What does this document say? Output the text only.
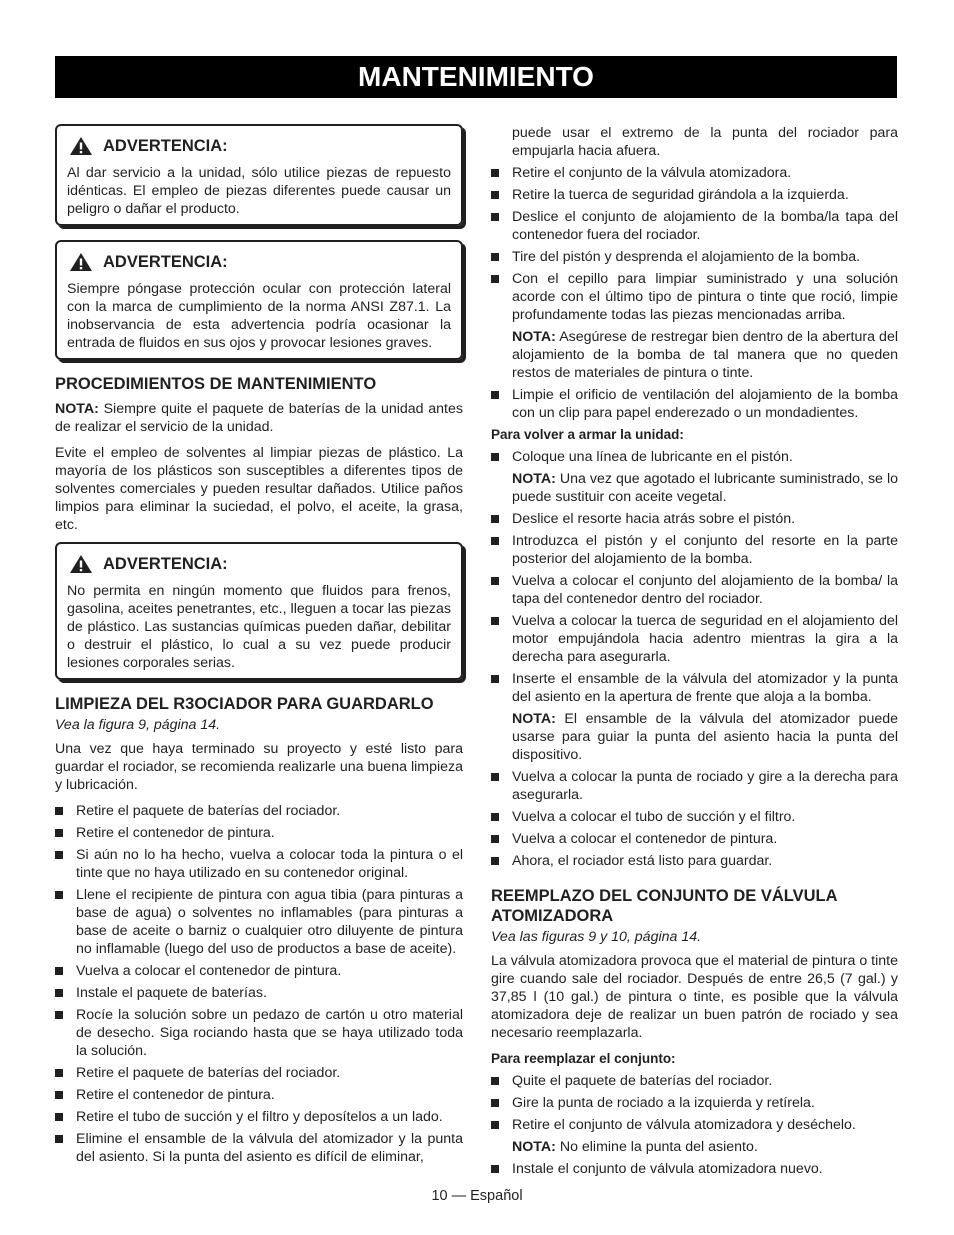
MANTENIMIENTO
ADVERTENCIA:

Al dar servicio a la unidad, sólo utilice piezas de repuesto idénticas. El empleo de piezas diferentes puede causar un peligro o dañar el producto.

ADVERTENCIA:

Siempre póngase protección ocular con protección lateral con la marca de cumplimiento de la norma ANSI Z87.1. La inobservancia de esta advertencia podría ocasionar la entrada de fluidos en sus ojos y provocar lesiones graves.

PROCEDIMIENTOS DE MANTENIMIENTO

NOTA: Siempre quite el paquete de baterías de la unidad antes de realizar el servicio de la unidad.

Evite el empleo de solventes al limpiar piezas de plástico. La mayoría de los plásticos son susceptibles a diferentes tipos de solventes comerciales y pueden resultar dañados. Utilice paños limpios para eliminar la suciedad, el polvo, el aceite, la grasa, etc.

ADVERTENCIA:

No permita en ningún momento que fluidos para frenos, gasolina, aceites penetrantes, etc., lleguen a tocar las piezas de plástico. Las sustancias químicas pueden dañar, debilitar o destruir el plástico, lo cual a su vez puede producir lesiones corporales serias.

LIMPIEZA DEL R3OCIADOR PARA GUARDARLO

Vea la figura 9, página 14.

Una vez que haya terminado su proyecto y esté listo para guardar el rociador, se recomienda realizarle una buena limpieza y lubricación.

Retire el paquete de baterías del rociador.
Retire el contenedor de pintura.
Si aún no lo ha hecho, vuelva a colocar toda la pintura o el tinte que no haya utilizado en su contenedor original.
Llene el recipiente de pintura con agua tibia (para pinturas a base de agua) o solventes no inflamables (para pinturas a base de aceite o barniz o cualquier otro diluyente de pintura no inflamable (luego del uso de productos a base de aceite).
Vuelva a colocar el contenedor de pintura.
Instale el paquete de baterías.
Rocíe la solución sobre un pedazo de cartón u otro material de desecho. Siga rociando hasta que se haya utilizado toda la solución.
Retire el paquete de baterías del rociador.
Retire el contenedor de pintura.
Retire el tubo de succión y el filtro y deposítelos a un lado.
Elimine el ensamble de la válvula del atomizador y la punta del asiento. Si la punta del asiento es difícil de eliminar,

puede usar el extremo de la punta del rociador para empujarla hacia afuera.

Retire el conjunto de la válvula atomizadora.
Retire la tuerca de seguridad girándola a la izquierda.
Deslice el conjunto de alojamiento de la bomba/la tapa del contenedor fuera del rociador.
Tire del pistón y desprenda el alojamiento de la bomba.
Con el cepillo para limpiar suministrado y una solución acorde con el último tipo de pintura o tinte que roció, limpie profundamente todas las piezas mencionadas arriba.

NOTA: Asegúrese de restregar bien dentro de la abertura del alojamiento de la bomba de tal manera que no queden restos de materiales de pintura o tinte.

Limpie el orificio de ventilación del alojamiento de la bomba con un clip para papel enderezado o un mondadientes.

Para volver a armar la unidad:

Coloque una línea de lubricante en el pistón.

NOTA: Una vez que agotado el lubricante suministrado, se lo puede sustituir con aceite vegetal.

Deslice el resorte hacia atrás sobre el pistón.
Introduzca el pistón y el conjunto del resorte en la parte posterior del alojamiento de la bomba.
Vuelva a colocar el conjunto del alojamiento de la bomba/ la tapa del contenedor dentro del rociador.
Vuelva a colocar la tuerca de seguridad en el alojamiento del motor empujándola hacia adentro mientras la gira a la derecha para asegurarla.
Inserte el ensamble de la válvula del atomizador y la punta del asiento en la apertura de frente que aloja a la bomba.

NOTA: El ensamble de la válvula del atomizador puede usarse para guiar la punta del asiento hacia la punta del dispositivo.

Vuelva a colocar la punta de rociado y gire a la derecha para asegurarla.
Vuelva a colocar el tubo de succión y el filtro.
Vuelva a colocar el contenedor de pintura.
Ahora, el rociador está listo para guardar.
REEMPLAZO DEL CONJUNTO DE VÁLVULA ATOMIZADORA

Vea las figuras 9 y 10, página 14.

La válvula atomizadora provoca que el material de pintura o tinte gire cuando sale del rociador. Después de entre 26,5 (7 gal.) y 37,85 l (10 gal.) de pintura o tinte, es posible que la válvula atomizadora deje de realizar un buen patrón de rociado y sea necesario reemplazarla.

Para reemplazar el conjunto:

Quite el paquete de baterías del rociador.
Gire la punta de rociado a la izquierda y retírela.
Retire el conjunto de válvula atomizadora y deséchelo.

NOTA: No elimine la punta del asiento.

Instale el conjunto de válvula atomizadora nuevo.
10 — Español
